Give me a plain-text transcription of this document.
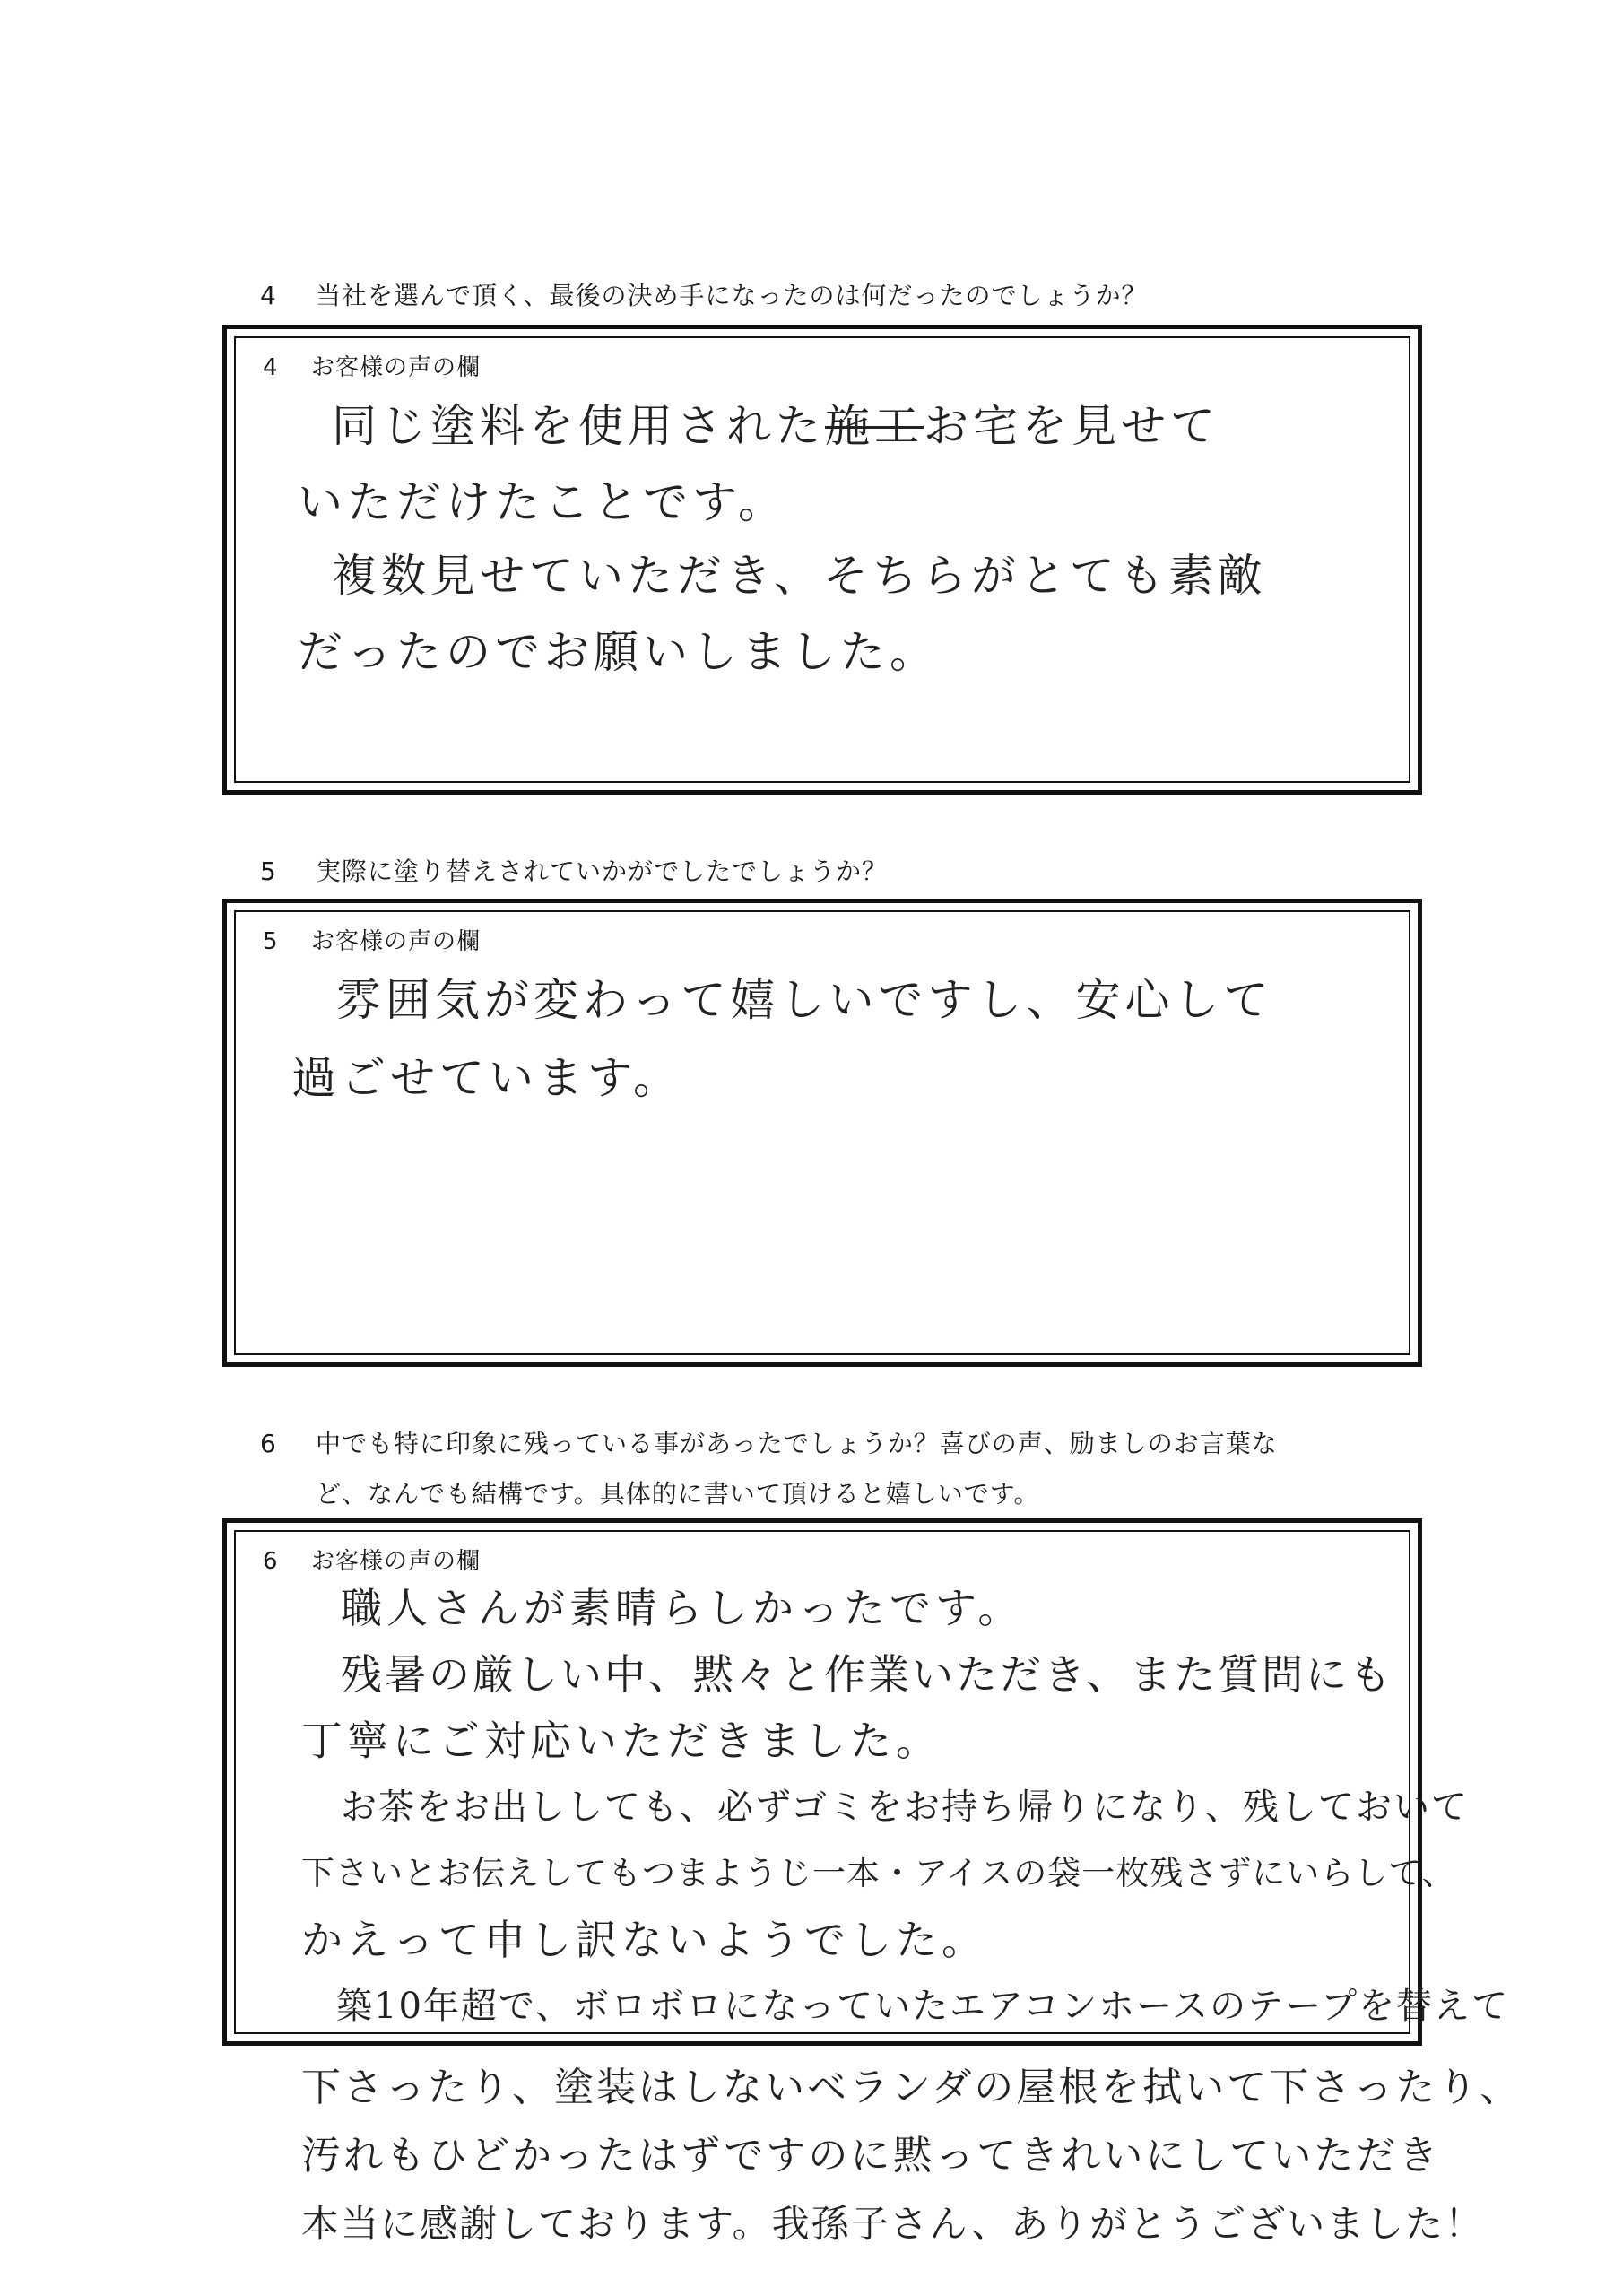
4 当社を選んで頂く、最後の決め手になったのは何だったのでしょうか？
4 お客様の声の欄
同じ塗料を使用された施工お宅を見せて
いただけたことです。
複数見せていただき、そちらがとても素敵
だったのでお願いしました。
5 実際に塗り替えされていかがでしたでしょうか？
5 お客様の声の欄
雰囲気が変わって嬉しいですし、安心して
過ごせています。
6 中でも特に印象に残っている事があったでしょうか？喜びの声、励ましのお言葉な
ど、なんでも結構です。具体的に書いて頂けると嬉しいです。
6 お客様の声の欄
職人さんが素晴らしかったです。
残暑の厳しい中、黙々と作業いただき、また質問にも
丁寧にご対応いただきました。
お茶をお出ししても、必ずゴミをお持ち帰りになり、残しておいて
下さいとお伝えしてもつまようじ一本・アイスの袋一枚残さずにいらして、
かえって申し訳ないようでした。
築10年超で、ボロボロになっていたエアコンホースのテープを替えて
下さったり、塗装はしないベランダの屋根を拭いて下さったり、
汚れもひどかったはずですのに黙ってきれいにしていただき
本当に感謝しております。我孫子さん、ありがとうございました！
